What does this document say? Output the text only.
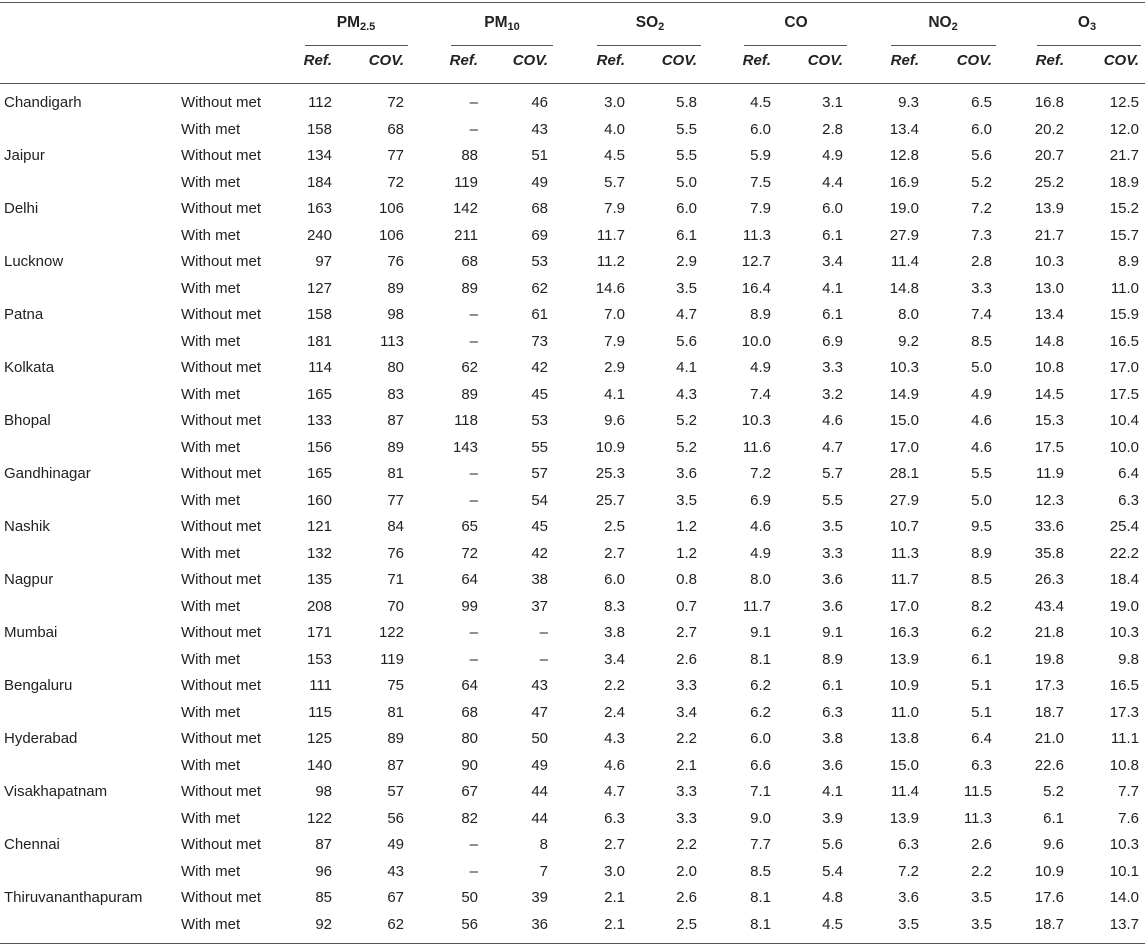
$PM_{2.5}$
Ref. COV.
$PM_{10}$
Ref. COV.
$SO_2$
Ref. COV.
CO
Ref. COV.
$NO_2$
Ref.	COV.
$O_3$
Ref.	COV.
Chandigarh	Without met	112	72	–	46	3.0	5.8	4.5	3.1	9.3	6.5	16.8	12.5
With met	158	68	–	43	4.0	5.5	6.0	2.8	13.4	6.0	20.2	12.0
Jaipur	Without met	134	77	88	51	4.5	5.5	5.9	4.9	12.8	5.6	20.7	21.7
With met	184	72	119	49	5.7	5.0	7.5	4.4	16.9	5.2	25.2	18.9
Delhi	Without met	163	106	142	68	7.9	6.0	7.9	6.0	19.0	7.2	13.9	15.2
With met	240	106	211	69	11.7	6.1	11.3	6.1	27.9	7.3	21.7	15.7
Lucknow	Without met	97	76	68	53	11.2	2.9	12.7	3.4	11.4	2.8	10.3	8.9
With met	127	89	89	62	14.6	3.5	16.4	4.1	14.8	3.3	13.0	11.0
Patna	Without met	158	98	–	61	7.0	4.7	8.9	6.1	8.0	7.4	13.4	15.9
With met	181	113	–	73	7.9	5.6	10.0	6.9	9.2	8.5	14.8	16.5
Kolkata	Without met	114	80	62	42	2.9	4.1	4.9	3.3	10.3	5.0	10.8	17.0
With met	165	83	89	45	4.1	4.3	7.4	3.2	14.9	4.9	14.5	17.5
Bhopal	Without met	133	87	118	53	9.6	5.2	10.3	4.6	15.0	4.6	15.3	10.4
With met	156	89	143	55	10.9	5.2	11.6	4.7	17.0	4.6	17.5	10.0
Gandhinagar	Without met	165	81	–	57	25.3	3.6	7.2	5.7	28.1	5.5	11.9	6.4
With met	160	77	–	54	25.7	3.5	6.9	5.5	27.9	5.0	12.3	6.3
Nashik	Without met	121	84	65	45	2.5	1.2	4.6	3.5	10.7	9.5	33.6	25.4
With met	132	76	72	42	2.7	1.2	4.9	3.3	11.3	8.9	35.8	22.2
Nagpur	Without met	135	71	64	38	6.0	0.8	8.0	3.6	11.7	8.5	26.3	18.4
With met	208	70	99	37	8.3	0.7	11.7	3.6	17.0	8.2	43.4	19.0
Mumbai	Without met	171	122	–	–	3.8	2.7	9.1	9.1	16.3	6.2	21.8	10.3
With met	153	119	–	–	3.4	2.6	8.1	8.9	13.9	6.1	19.8	9.8
Bengaluru	Without met	111	75	64	43	2.2	3.3	6.2	6.1	10.9	5.1	17.3	16.5
With met	115	81	68	47	2.4	3.4	6.2	6.3	11.0	5.1	18.7	17.3
Hyderabad	Without met	125	89	80	50	4.3	2.2	6.0	3.8	13.8	6.4	21.0	11.1
With met	140	87	90	49	4.6	2.1	6.6	3.6	15.0	6.3	22.6	10.8
Visakhapatnam	Without met	98	57	67	44	4.7	3.3	7.1	4.1	11.4	11.5	5.2	7.7
With met	122	56	82	44	6.3	3.3	9.0	3.9	13.9	11.3	6.1	7.6
Chennai	Without met	87	49	–	8	2.7	2.2	7.7	5.6	6.3	2.6	9.6	10.3
With met	96	43	–	7	3.0	2.0	8.5	5.4	7.2	2.2	10.9	10.1
Thiruvananthapuram	Without met	85	67	50	39	2.1	2.6	8.1	4.8	3.6	3.5	17.6	14.0
With met	92	62	56	36	2.1	2.5	8.1	4.5	3.5	3.5	18.7	13.7
